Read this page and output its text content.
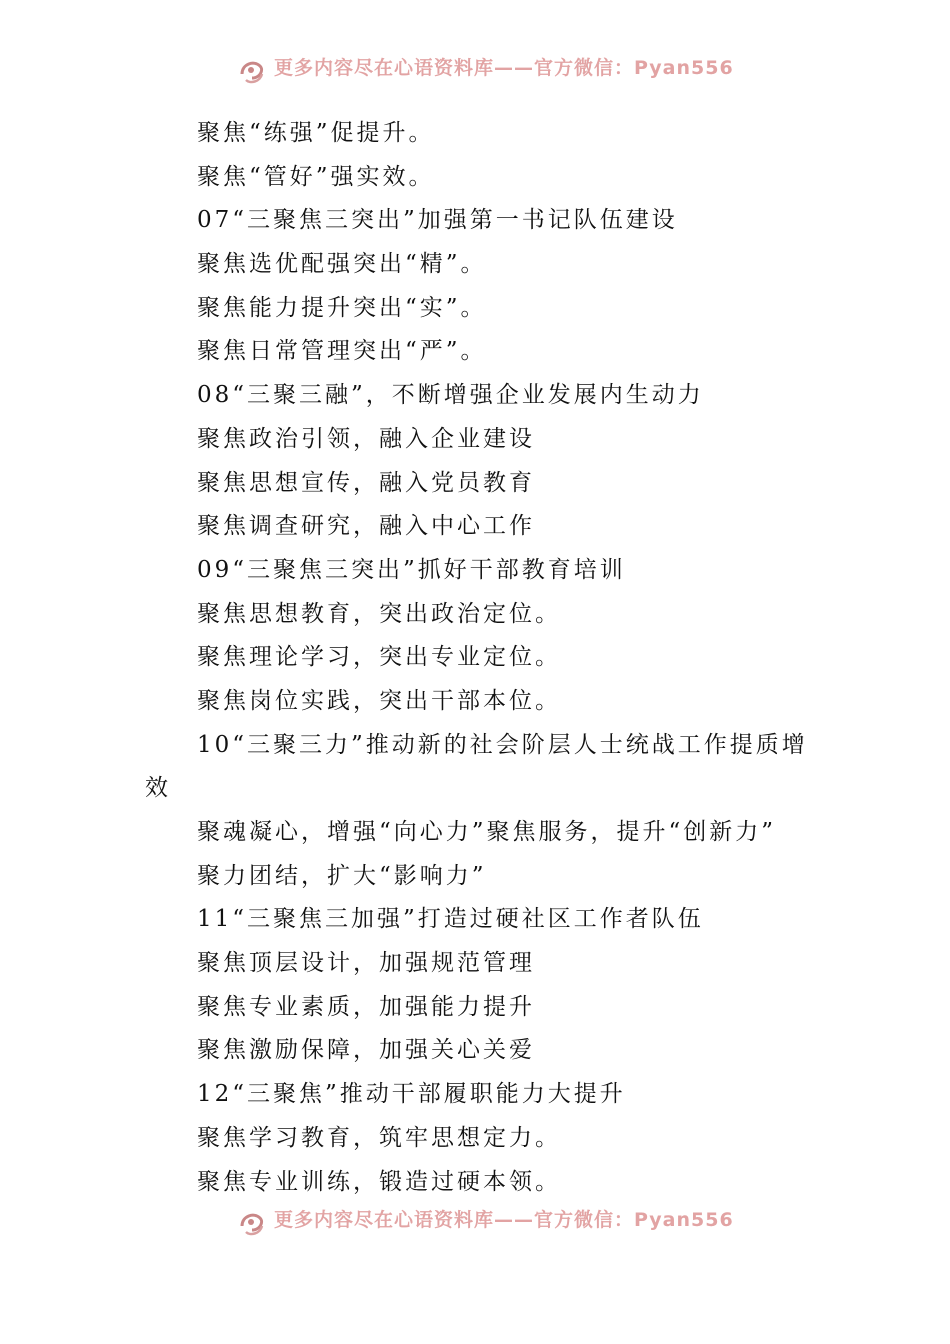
更多内容尽在心语资料库——官方微信：Pyan556

聚焦“练强”促提升。

聚焦“管好”强实效。

07“三聚焦三突出”加强第一书记队伍建设

聚焦选优配强突出“精”。

聚焦能力提升突出“实”。

聚焦日常管理突出“严”。

08“三聚三融”，不断增强企业发展内生动力

聚焦政治引领，融入企业建设

聚焦思想宣传，融入党员教育

聚焦调查研究，融入中心工作

09“三聚焦三突出”抓好干部教育培训

聚焦思想教育，突出政治定位。

聚焦理论学习，突出专业定位。

聚焦岗位实践，突出干部本位。

10“三聚三力”推动新的社会阶层人士统战工作提质增

效

聚魂凝心，增强“向心力”聚焦服务，提升“创新力”

聚力团结，扩大“影响力”

11“三聚焦三加强”打造过硬社区工作者队伍

聚焦顶层设计，加强规范管理

聚焦专业素质，加强能力提升

聚焦激励保障，加强关心关爱

12“三聚焦”推动干部履职能力大提升

聚焦学习教育，筑牢思想定力。

聚焦专业训练，锻造过硬本领。

更多内容尽在心语资料库——官方微信：Pyan556
